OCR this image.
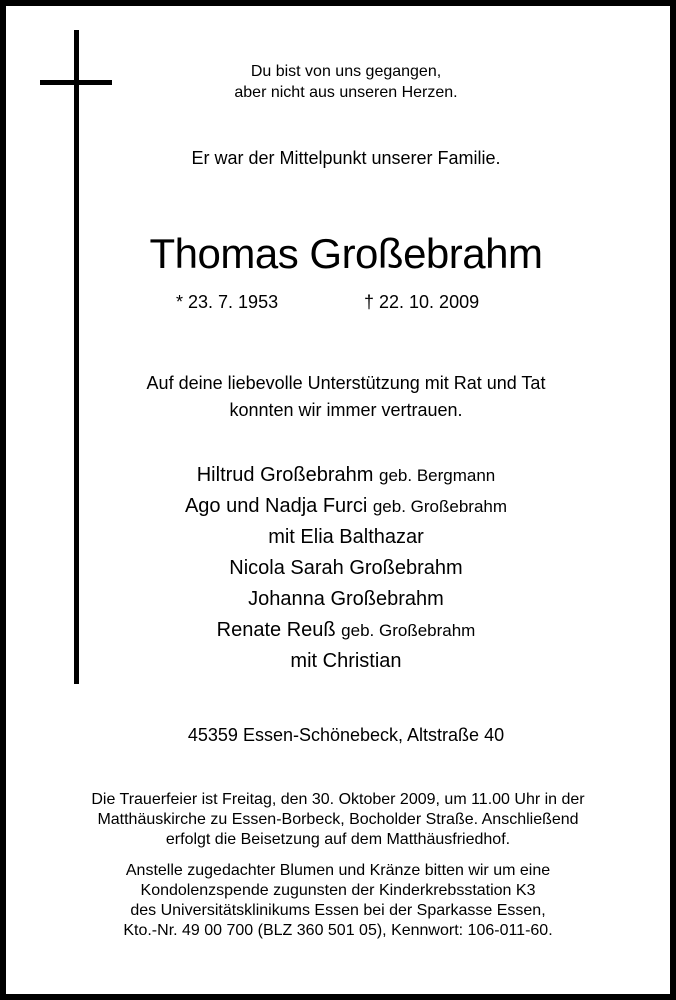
Du bist von uns gegangen,
aber nicht aus unseren Herzen.
Er war der Mittelpunkt unserer Familie.
Thomas Großebrahm
* 23. 7. 1953	† 22. 10. 2009
Auf deine liebevolle Unterstützung mit Rat und Tat
konnten wir immer vertrauen.
Hiltrud Großebrahm geb. Bergmann
Ago und Nadja Furci geb. Großebrahm
mit Elia Balthazar
Nicola Sarah Großebrahm
Johanna Großebrahm
Renate Reuß geb. Großebrahm
mit Christian
45359 Essen-Schönebeck, Altstraße 40
Die Trauerfeier ist Freitag, den 30. Oktober 2009, um 11.00 Uhr in der
Matthäuskirche zu Essen-Borbeck, Bocholder Straße. Anschließend
erfolgt die Beisetzung auf dem Matthäusfriedhof.
Anstelle zugedachter Blumen und Kränze bitten wir um eine
Kondolenzspende zugunsten der Kinderkrebsstation K3
des Universitätsklinikums Essen bei der Sparkasse Essen,
Kto.-Nr. 49 00 700 (BLZ 360 501 05), Kennwort: 106-011-60.
